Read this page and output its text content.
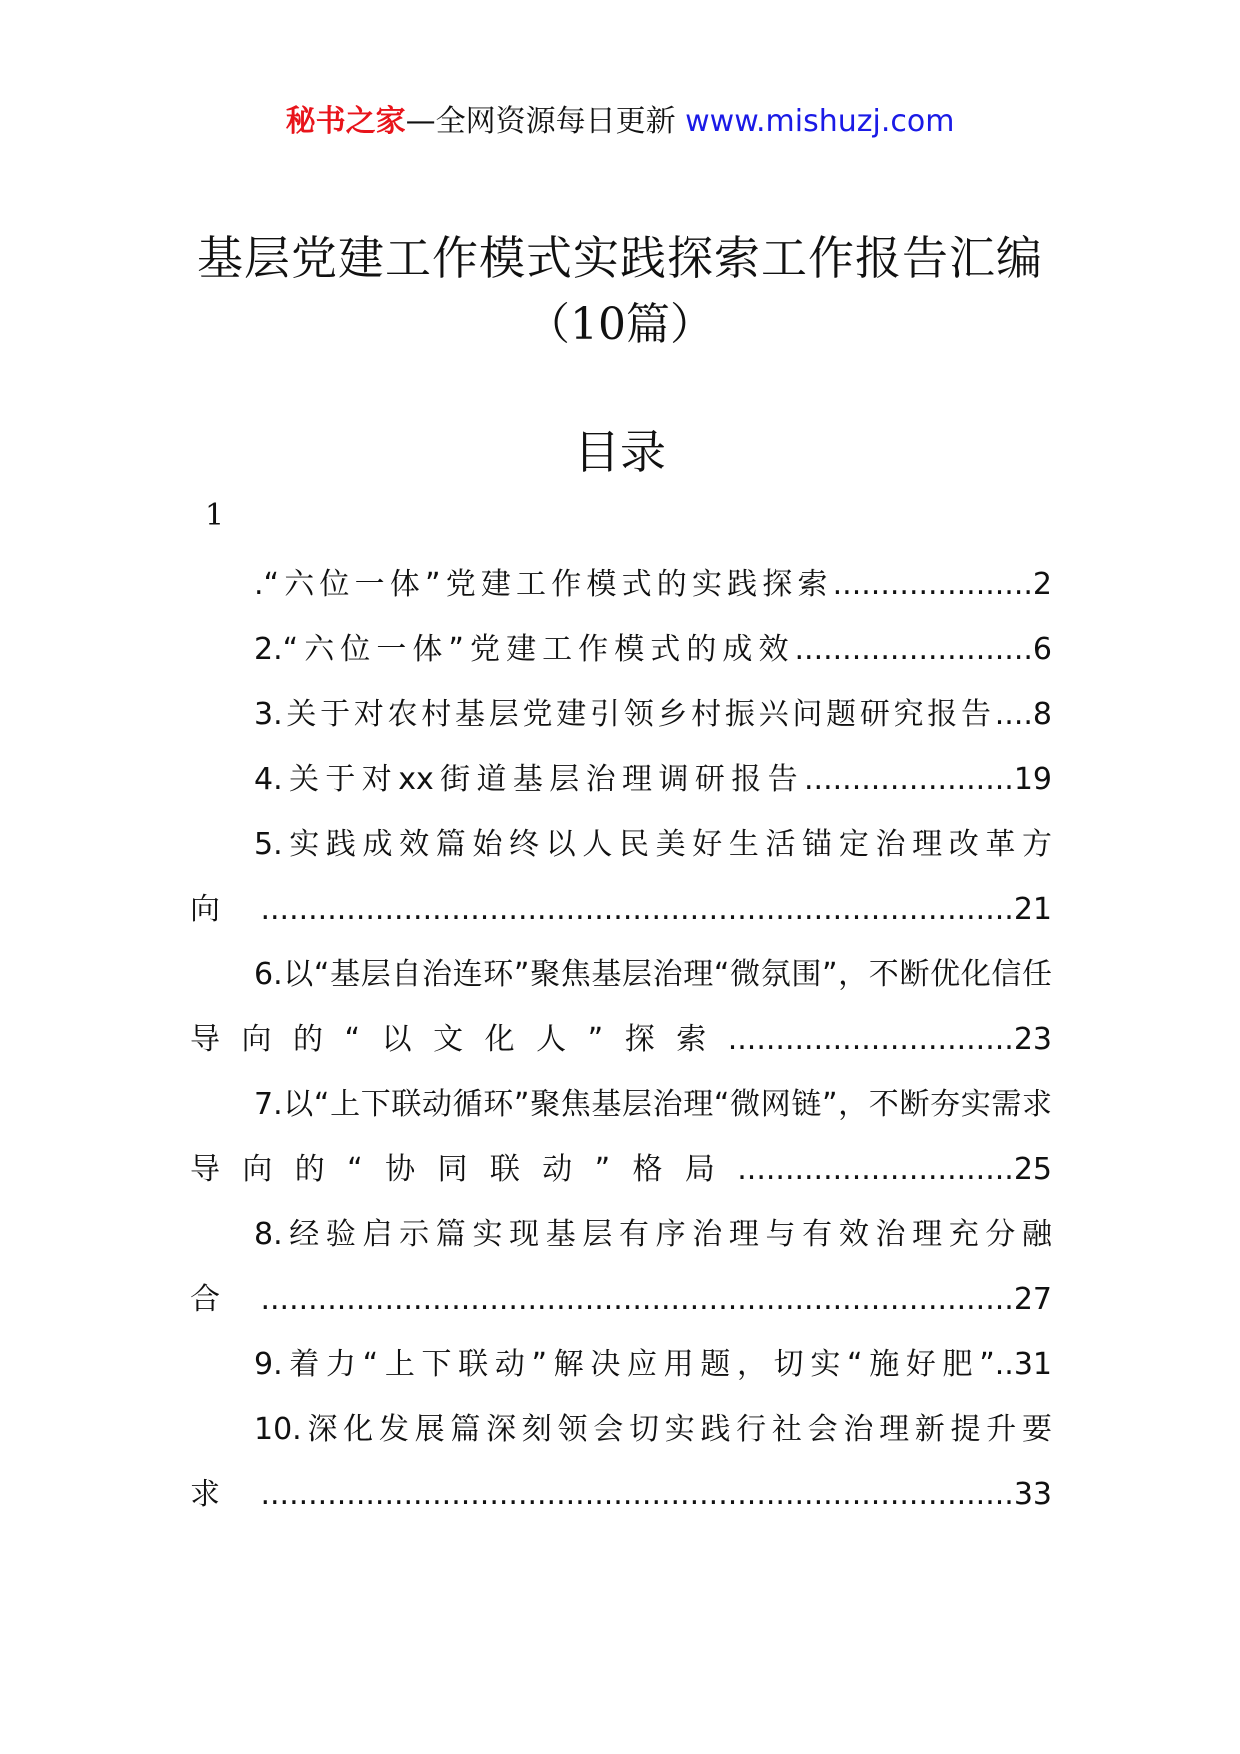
秘书之家—全网资源每日更新 www.mishuzj.com
基层党建工作模式实践探索工作报告汇编
（10篇）
目录
1
.“六位一体”党建工作模式的实践探索.....................2
2.“六位一体”党建工作模式的成效.........................6
3.关于对农村基层党建引领乡村振兴问题研究报告....8
4.关于对xx街道基层治理调研报告......................19
5.实践成效篇始终以人民美好生活锚定治理改革方向...............................................................................21
6.以“基层自治连环”聚焦基层治理“微氛围”，不断优化信任导向的“以文化人”探索..............................23
7.以“上下联动循环”聚焦基层治理“微网链”，不断夯实需求导向的“协同联动”格局.............................25
8.经验启示篇实现基层有序治理与有效治理充分融合...............................................................................27
9.着力“上下联动”解决应用题，切实“施好肥”..31
10.深化发展篇深刻领会切实践行社会治理新提升要求...............................................................................33
